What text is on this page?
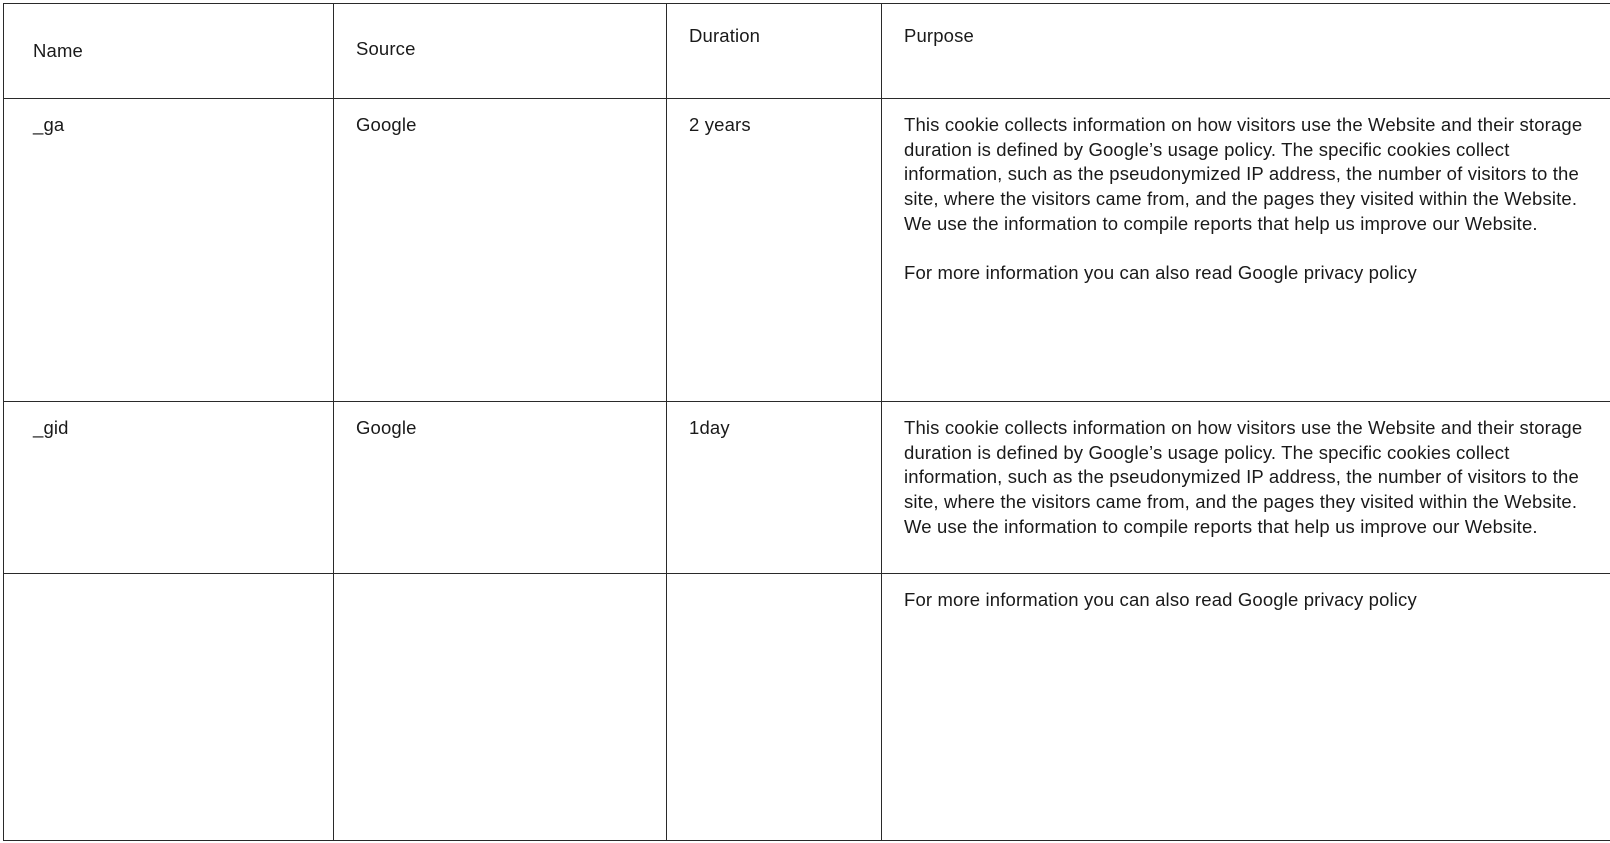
Name	Source	Duration	Purpose

_ga	Google	2 years	This cookie collects information on how visitors use the Website and their storage duration is defined by Google’s usage policy. The specific cookies collect information, such as the pseudonymized IP address, the number of visitors to the site, where the visitors came from, and the pages they visited within the Website. We use the information to compile reports that help us improve our Website.

For more information you can also read Google privacy policy

_gid	Google	1day	This cookie collects information on how visitors use the Website and their storage duration is defined by Google’s usage policy. The specific cookies collect information, such as the pseudonymized IP address, the number of visitors to the site, where the visitors came from, and the pages they visited within the Website. We use the information to compile reports that help us improve our Website.

			For more information you can also read Google privacy policy
